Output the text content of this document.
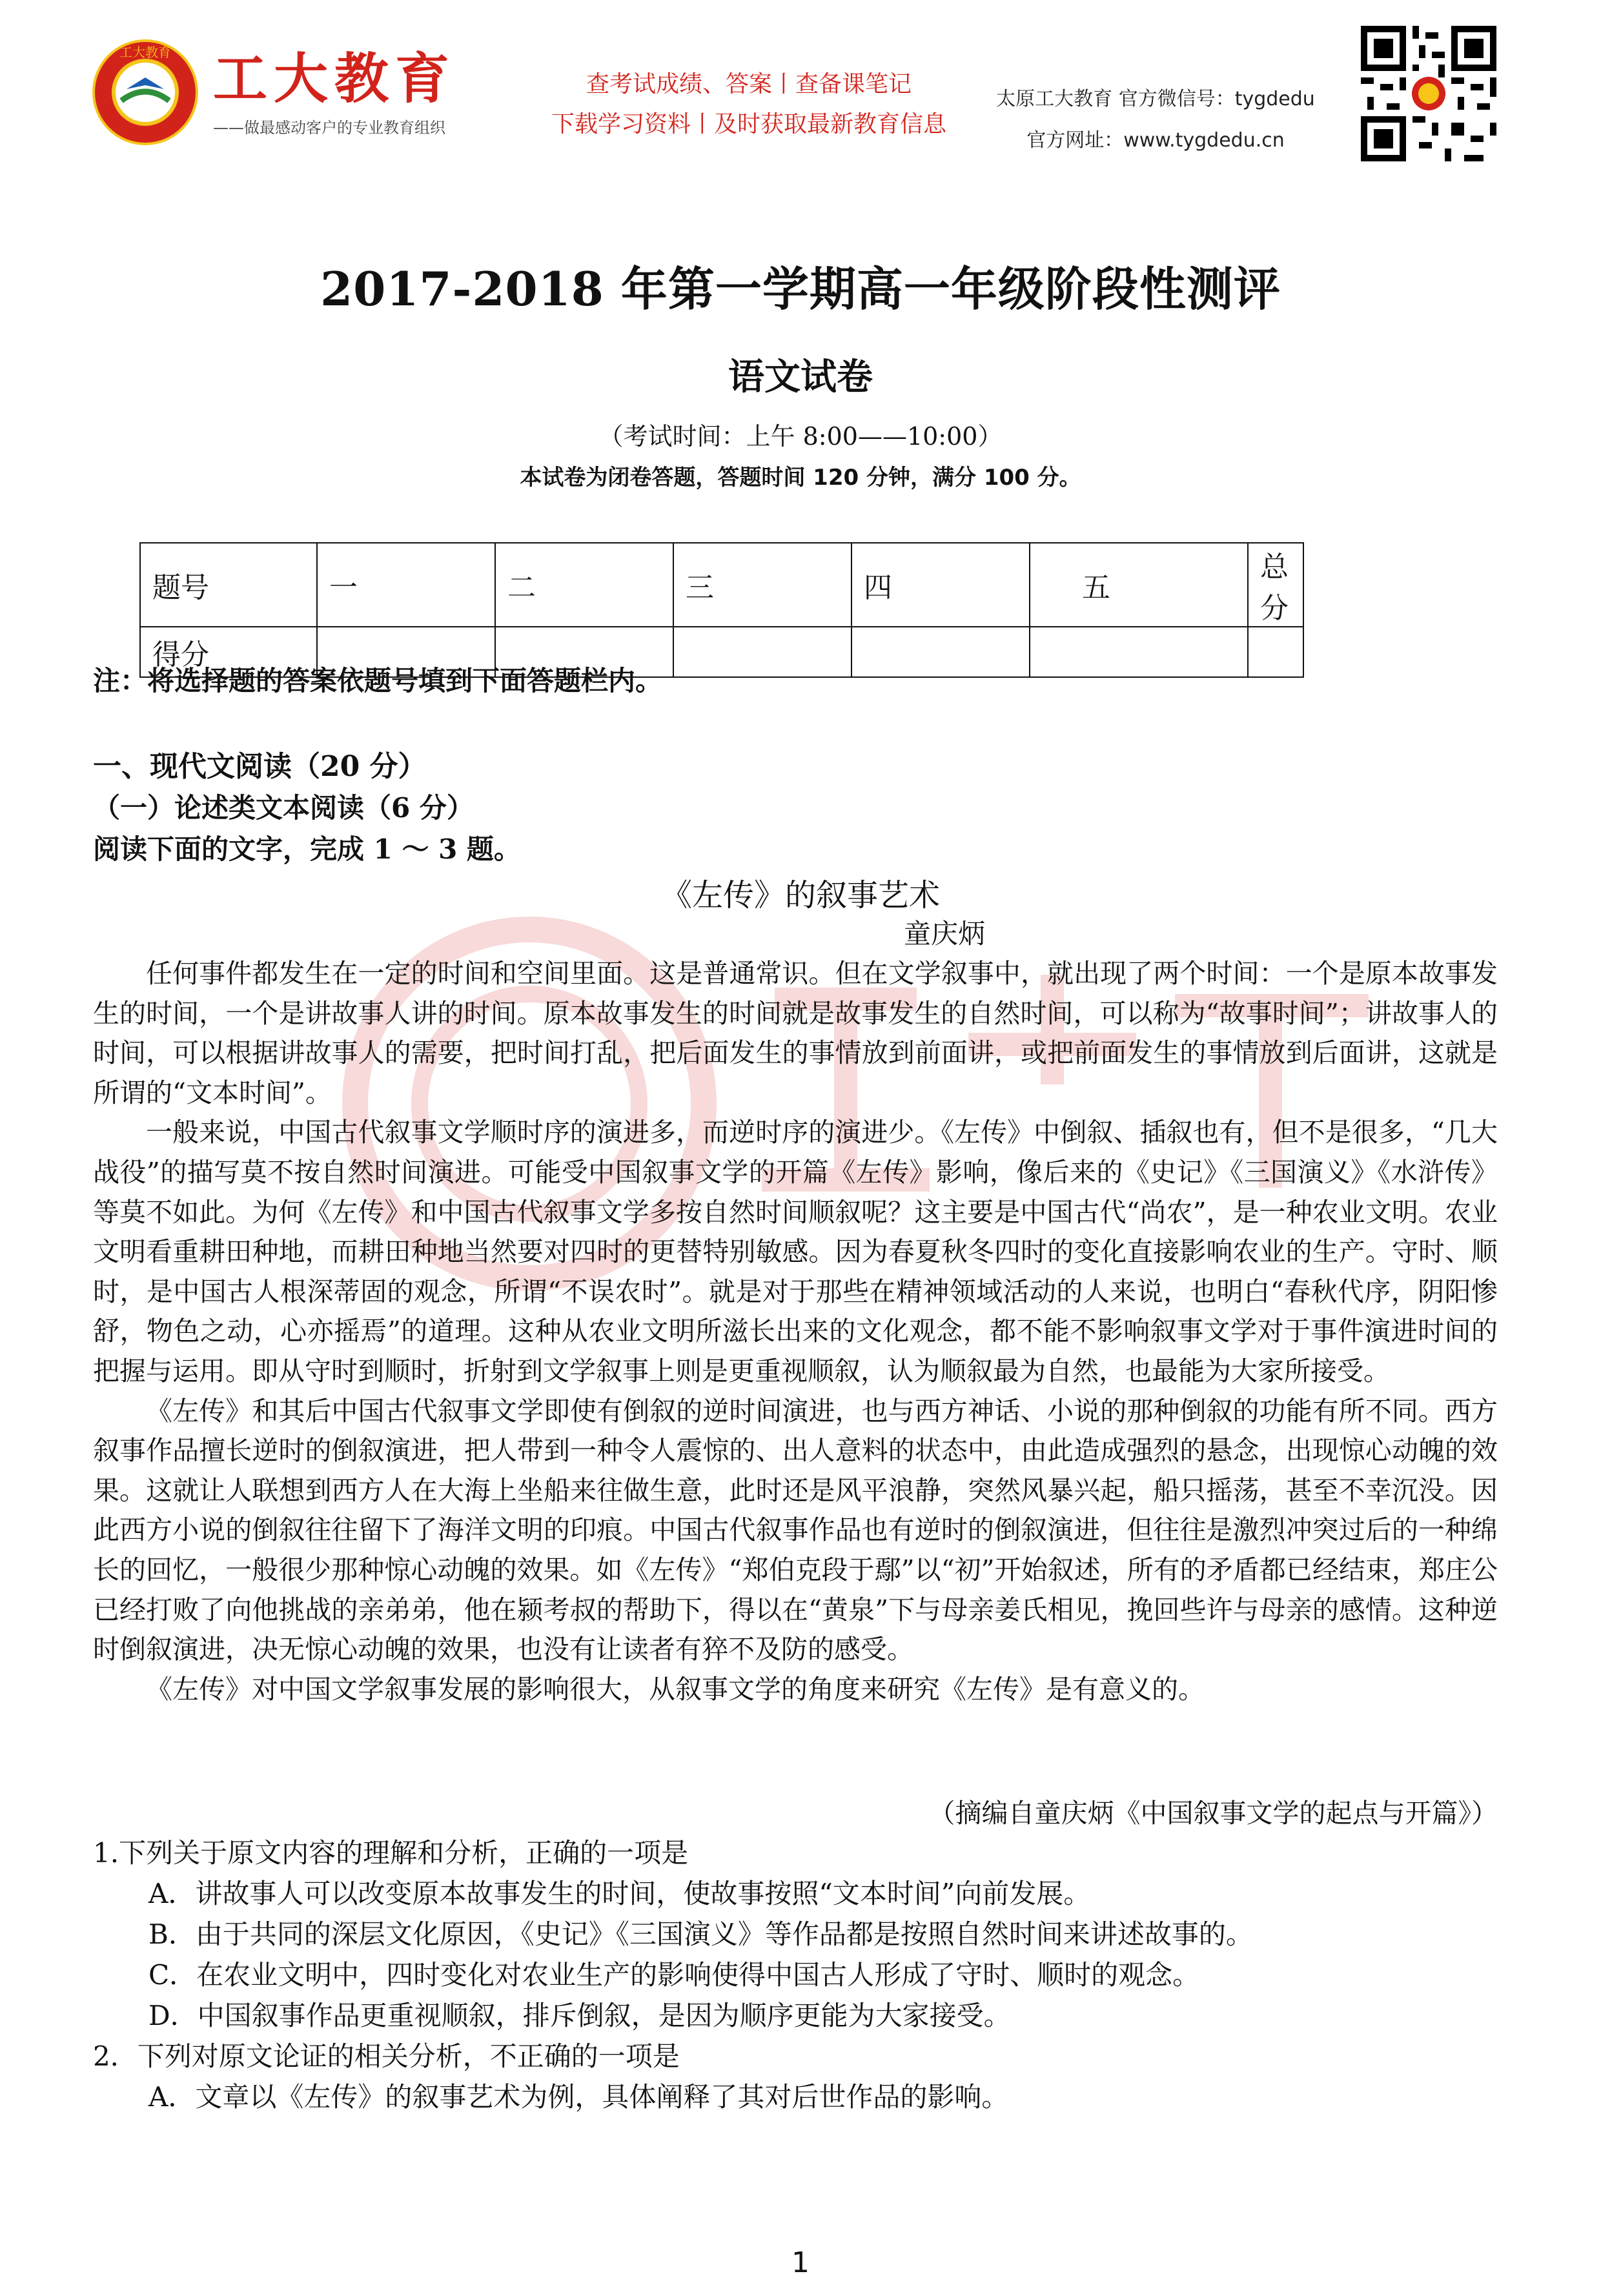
工大教育 工大教育
——做最感动客户的专业教育组织
查考试成绩、答案丨查备课笔记
下载学习资料丨及时获取最新教育信息
太原工大教育 官方微信号：tygdedu
官方网址：www.tygdedu.cn
2017-2018 年第一学期高一年级阶段性测评
语文试卷
（考试时间：上午 8:00——10:00）
本试卷为闭卷答题，答题时间 120 分钟，满分 100 分。
题号	一	二	三	四	五	总分
得分						
注：将选择题的答案依题号填到下面答题栏内。
一、现代文阅读（20 分）
（一）论述类文本阅读（6 分）
阅读下面的文字，完成 1 ～ 3 题。
《左传》的叙事艺术
童庆炳

任何事件都发生在一定的时间和空间里面。这是普通常识。但在文学叙事中，就出现了两个时间：一个是原本故事发生的时间，一个是讲故事人讲的时间。原本故事发生的时间就是故事发生的自然时间，可以称为“故事时间”；讲故事人的时间，可以根据讲故事人的需要，把时间打乱，把后面发生的事情放到前面讲，或把前面发生的事情放到后面讲，这就是所谓的“文本时间”。

一般来说，中国古代叙事文学顺时序的演进多，而逆时序的演进少。《左传》中倒叙、插叙也有，但不是很多，“几大战役”的描写莫不按自然时间演进。可能受中国叙事文学的开篇《左传》影响，像后来的《史记》《三国演义》《水浒传》等莫不如此。为何《左传》和中国古代叙事文学多按自然时间顺叙呢？这主要是中国古代“尚农”，是一种农业文明。农业文明看重耕田种地，而耕田种地当然要对四时的更替特别敏感。因为春夏秋冬四时的变化直接影响农业的生产。守时、顺时，是中国古人根深蒂固的观念，所谓“不误农时”。就是对于那些在精神领域活动的人来说，也明白“春秋代序，阴阳惨舒，物色之动，心亦摇焉”的道理。这种从农业文明所滋长出来的文化观念，都不能不影响叙事文学对于事件演进时间的把握与运用。即从守时到顺时，折射到文学叙事上则是更重视顺叙，认为顺叙最为自然，也最能为大家所接受。

《左传》和其后中国古代叙事文学即使有倒叙的逆时间演进，也与西方神话、小说的那种倒叙的功能有所不同。西方叙事作品擅长逆时的倒叙演进，把人带到一种令人震惊的、出人意料的状态中，由此造成强烈的悬念，出现惊心动魄的效果。这就让人联想到西方人在大海上坐船来往做生意，此时还是风平浪静，突然风暴兴起，船只摇荡，甚至不幸沉没。因此西方小说的倒叙往往留下了海洋文明的印痕。中国古代叙事作品也有逆时的倒叙演进，但往往是激烈冲突过后的一种绵长的回忆，一般很少那种惊心动魄的效果。如《左传》“郑伯克段于鄢”以“初”开始叙述，所有的矛盾都已经结束，郑庄公已经打败了向他挑战的亲弟弟，他在颍考叔的帮助下，得以在“黄泉”下与母亲姜氏相见，挽回些许与母亲的感情。这种逆时倒叙演进，决无惊心动魄的效果，也没有让读者有猝不及防的感受。

《左传》对中国文学叙事发展的影响很大，从叙事文学的角度来研究《左传》是有意义的。

（摘编自童庆炳《中国叙事文学的起点与开篇》）
1.下列关于原文内容的理解和分析，正确的一项是
A．讲故事人可以改变原本故事发生的时间，使故事按照“文本时间”向前发展。
B．由于共同的深层文化原因，《史记》《三国演义》等作品都是按照自然时间来讲述故事的。
C．在农业文明中，四时变化对农业生产的影响使得中国古人形成了守时、顺时的观念。
D．中国叙事作品更重视顺叙，排斥倒叙，是因为顺序更能为大家接受。
2．下列对原文论证的相关分析，不正确的一项是
A．文章以《左传》的叙事艺术为例，具体阐释了其对后世作品的影响。
1
